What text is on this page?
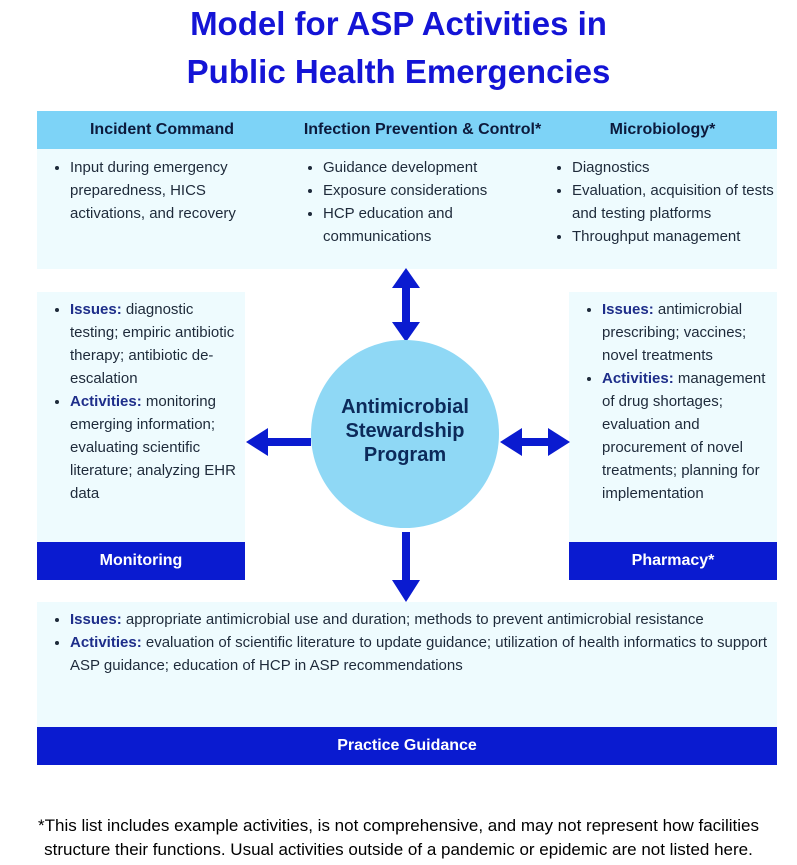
Model for ASP Activities in
Public Health Emergencies
Incident Command	Infection Prevention & Control*	Microbiology*
• Input during emergency preparedness, HICS activations, and recovery
• Guidance development
• Exposure considerations
• HCP education and communications
• Diagnostics
• Evaluation, acquisition of tests and testing platforms
• Throughput management
• Issues: diagnostic testing; empiric antibiotic therapy; antibiotic de-escalation
• Activities: monitoring emerging information; evaluating scientific literature; analyzing EHR data
Monitoring
• Issues: antimicrobial prescribing; vaccines; novel treatments
• Activities: management of drug shortages; evaluation and procurement of novel treatments; planning for implementation
Pharmacy*
• Issues: appropriate antimicrobial use and duration; methods to prevent antimicrobial resistance
• Activities: evaluation of scientific literature to update guidance; utilization of health informatics to support ASP guidance; education of HCP in ASP recommendations
Practice Guidance
Antimicrobial
Stewardship
Program
*This list includes example activities, is not comprehensive, and may not represent how facilities
structure their functions. Usual activities outside of a pandemic or epidemic are not listed here.
